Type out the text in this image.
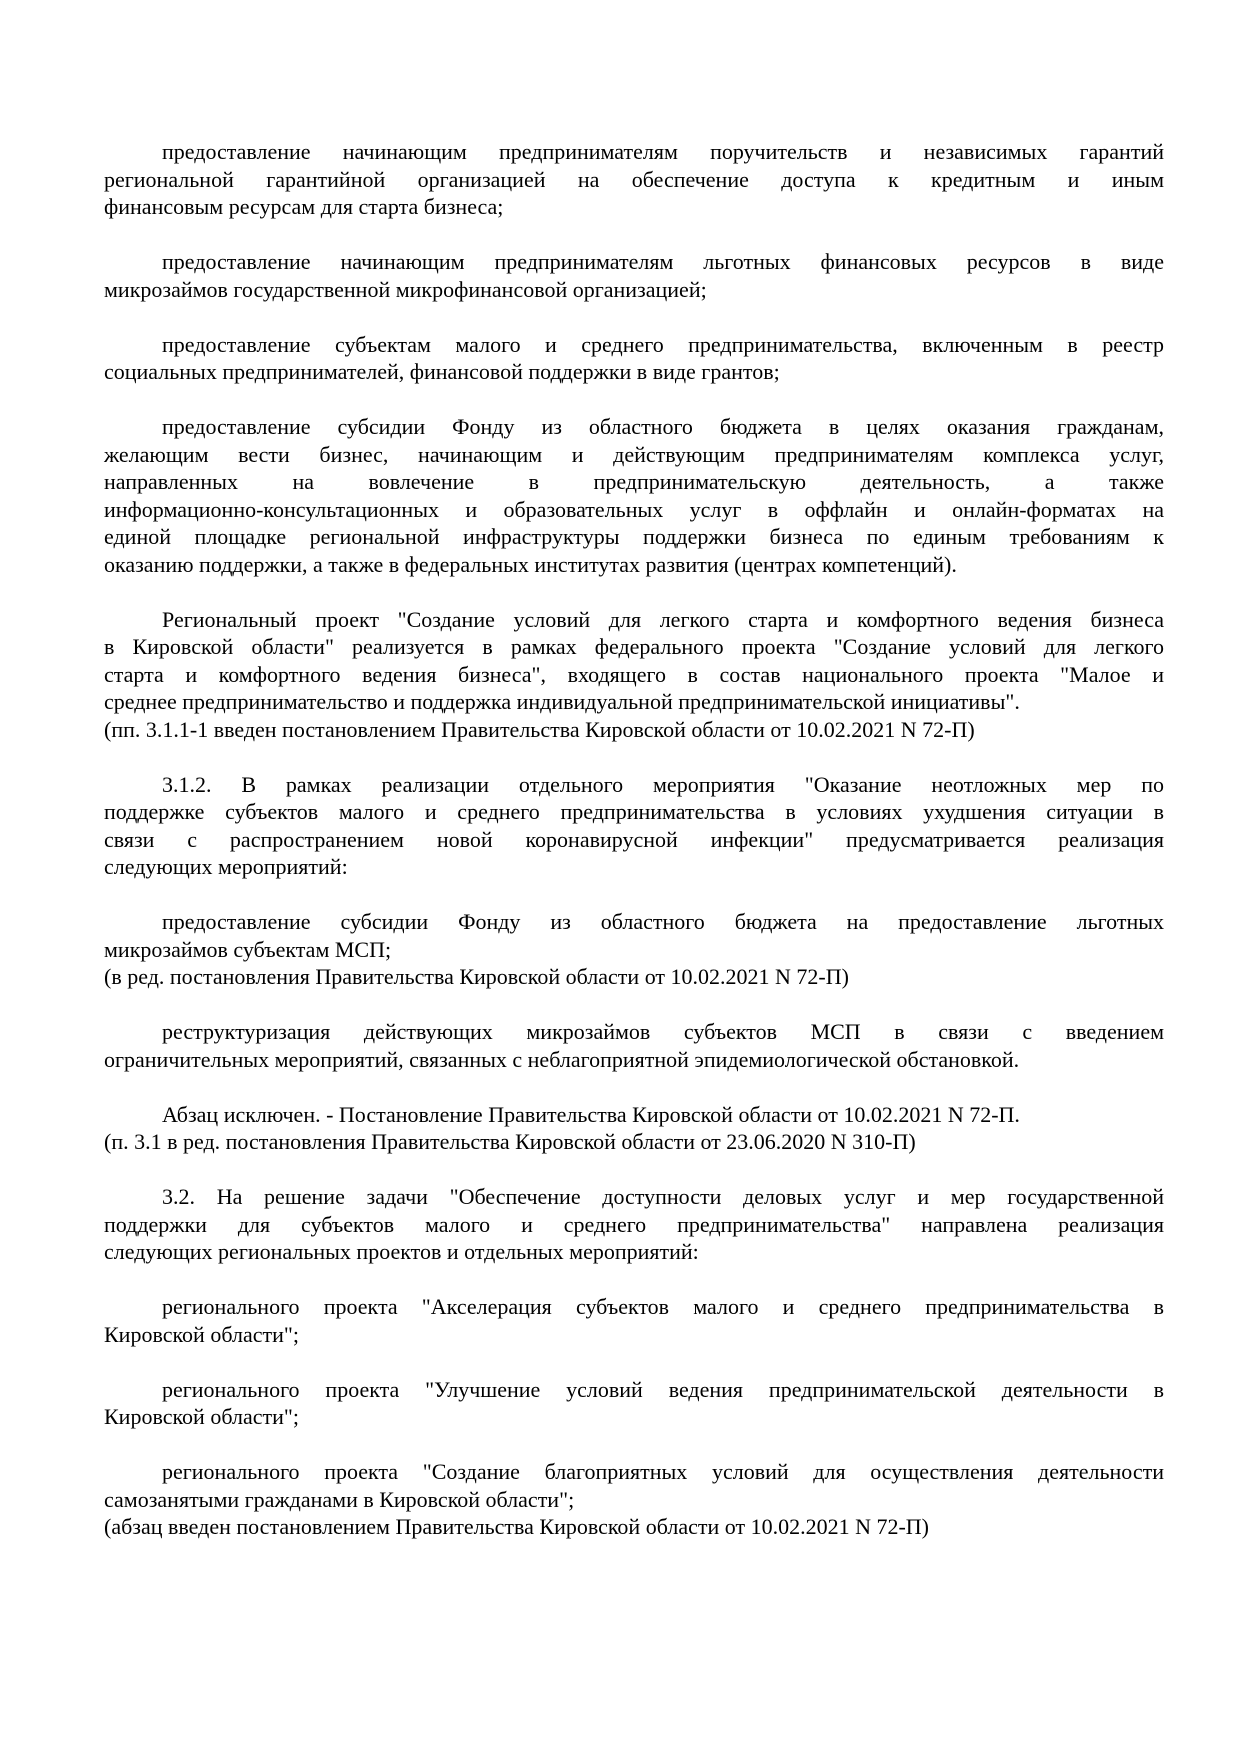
предоставление начинающим предпринимателям поручительств и независимых гарантий
региональной гарантийной организацией на обеспечение доступа к кредитным и иным
финансовым ресурсам для старта бизнеса;
предоставление начинающим предпринимателям льготных финансовых ресурсов в виде
микрозаймов государственной микрофинансовой организацией;
предоставление субъектам малого и среднего предпринимательства, включенным в реестр
социальных предпринимателей, финансовой поддержки в виде грантов;
предоставление субсидии Фонду из областного бюджета в целях оказания гражданам,
желающим вести бизнес, начинающим и действующим предпринимателям комплекса услуг,
направленных на вовлечение в предпринимательскую деятельность, а также
информационно-консультационных и образовательных услуг в оффлайн и онлайн-форматах на
единой площадке региональной инфраструктуры поддержки бизнеса по единым требованиям к
оказанию поддержки, а также в федеральных институтах развития (центрах компетенций).
Региональный проект "Создание условий для легкого старта и комфортного ведения бизнеса
в Кировской области" реализуется в рамках федерального проекта "Создание условий для легкого
старта и комфортного ведения бизнеса", входящего в состав национального проекта "Малое и
среднее предпринимательство и поддержка индивидуальной предпринимательской инициативы".
(пп. 3.1.1-1 введен постановлением Правительства Кировской области от 10.02.2021 N 72-П)
3.1.2. В рамках реализации отдельного мероприятия "Оказание неотложных мер по
поддержке субъектов малого и среднего предпринимательства в условиях ухудшения ситуации в
связи с распространением новой коронавирусной инфекции" предусматривается реализация
следующих мероприятий:
предоставление субсидии Фонду из областного бюджета на предоставление льготных
микрозаймов субъектам МСП;
(в ред. постановления Правительства Кировской области от 10.02.2021 N 72-П)
реструктуризация действующих микрозаймов субъектов МСП в связи с введением
ограничительных мероприятий, связанных с неблагоприятной эпидемиологической обстановкой.
Абзац исключен. - Постановление Правительства Кировской области от 10.02.2021 N 72-П.
(п. 3.1 в ред. постановления Правительства Кировской области от 23.06.2020 N 310-П)
3.2. На решение задачи "Обеспечение доступности деловых услуг и мер государственной
поддержки для субъектов малого и среднего предпринимательства" направлена реализация
следующих региональных проектов и отдельных мероприятий:
регионального проекта "Акселерация субъектов малого и среднего предпринимательства в
Кировской области";
регионального проекта "Улучшение условий ведения предпринимательской деятельности в
Кировской области";
регионального проекта "Создание благоприятных условий для осуществления деятельности
самозанятыми гражданами в Кировской области";
(абзац введен постановлением Правительства Кировской области от 10.02.2021 N 72-П)
